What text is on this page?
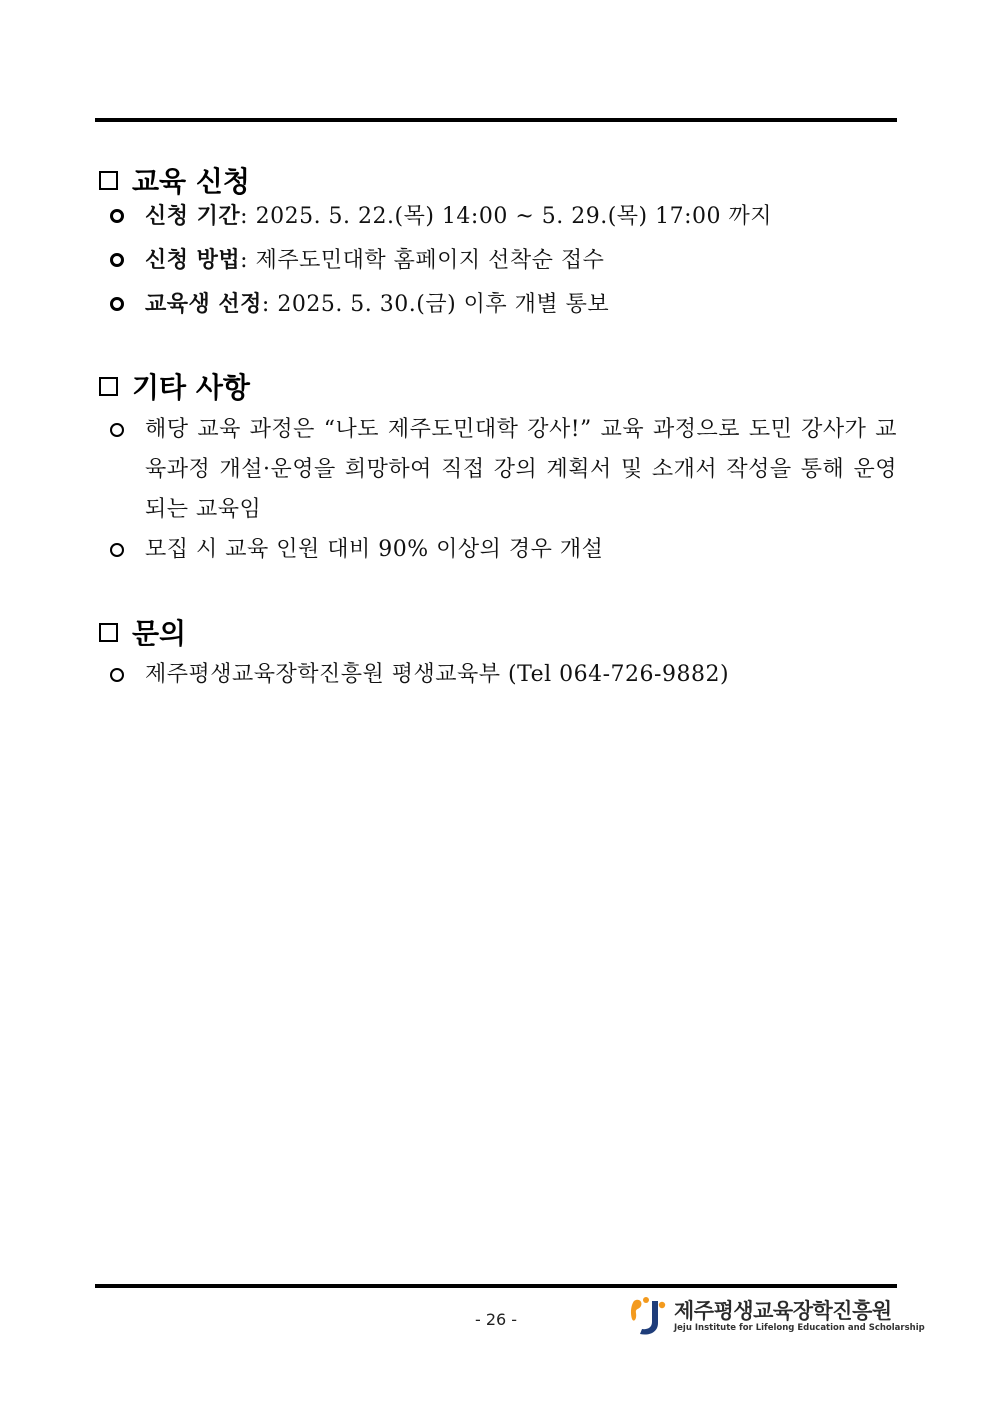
교육 신청
신청 기간: 2025. 5. 22.(목) 14:00 ~ 5. 29.(목) 17:00 까지
신청 방법: 제주도민대학 홈페이지 선착순 접수
교육생 선정: 2025. 5. 30.(금) 이후 개별 통보
기타 사항
해당 교육 과정은 “나도 제주도민대학 강사!” 교육 과정으로 도민 강사가 교육과정 개설·운영을 희망하여 직접 강의 계획서 및 소개서 작성을 통해 운영되는 교육임
모집 시 교육 인원 대비 90% 이상의 경우 개설
문의
제주평생교육장학진흥원 평생교육부 (Tel 064-726-9882)
- 26 -	제주평생교육장학진흥원
Jeju Institute for Lifelong Education and Scholarship
